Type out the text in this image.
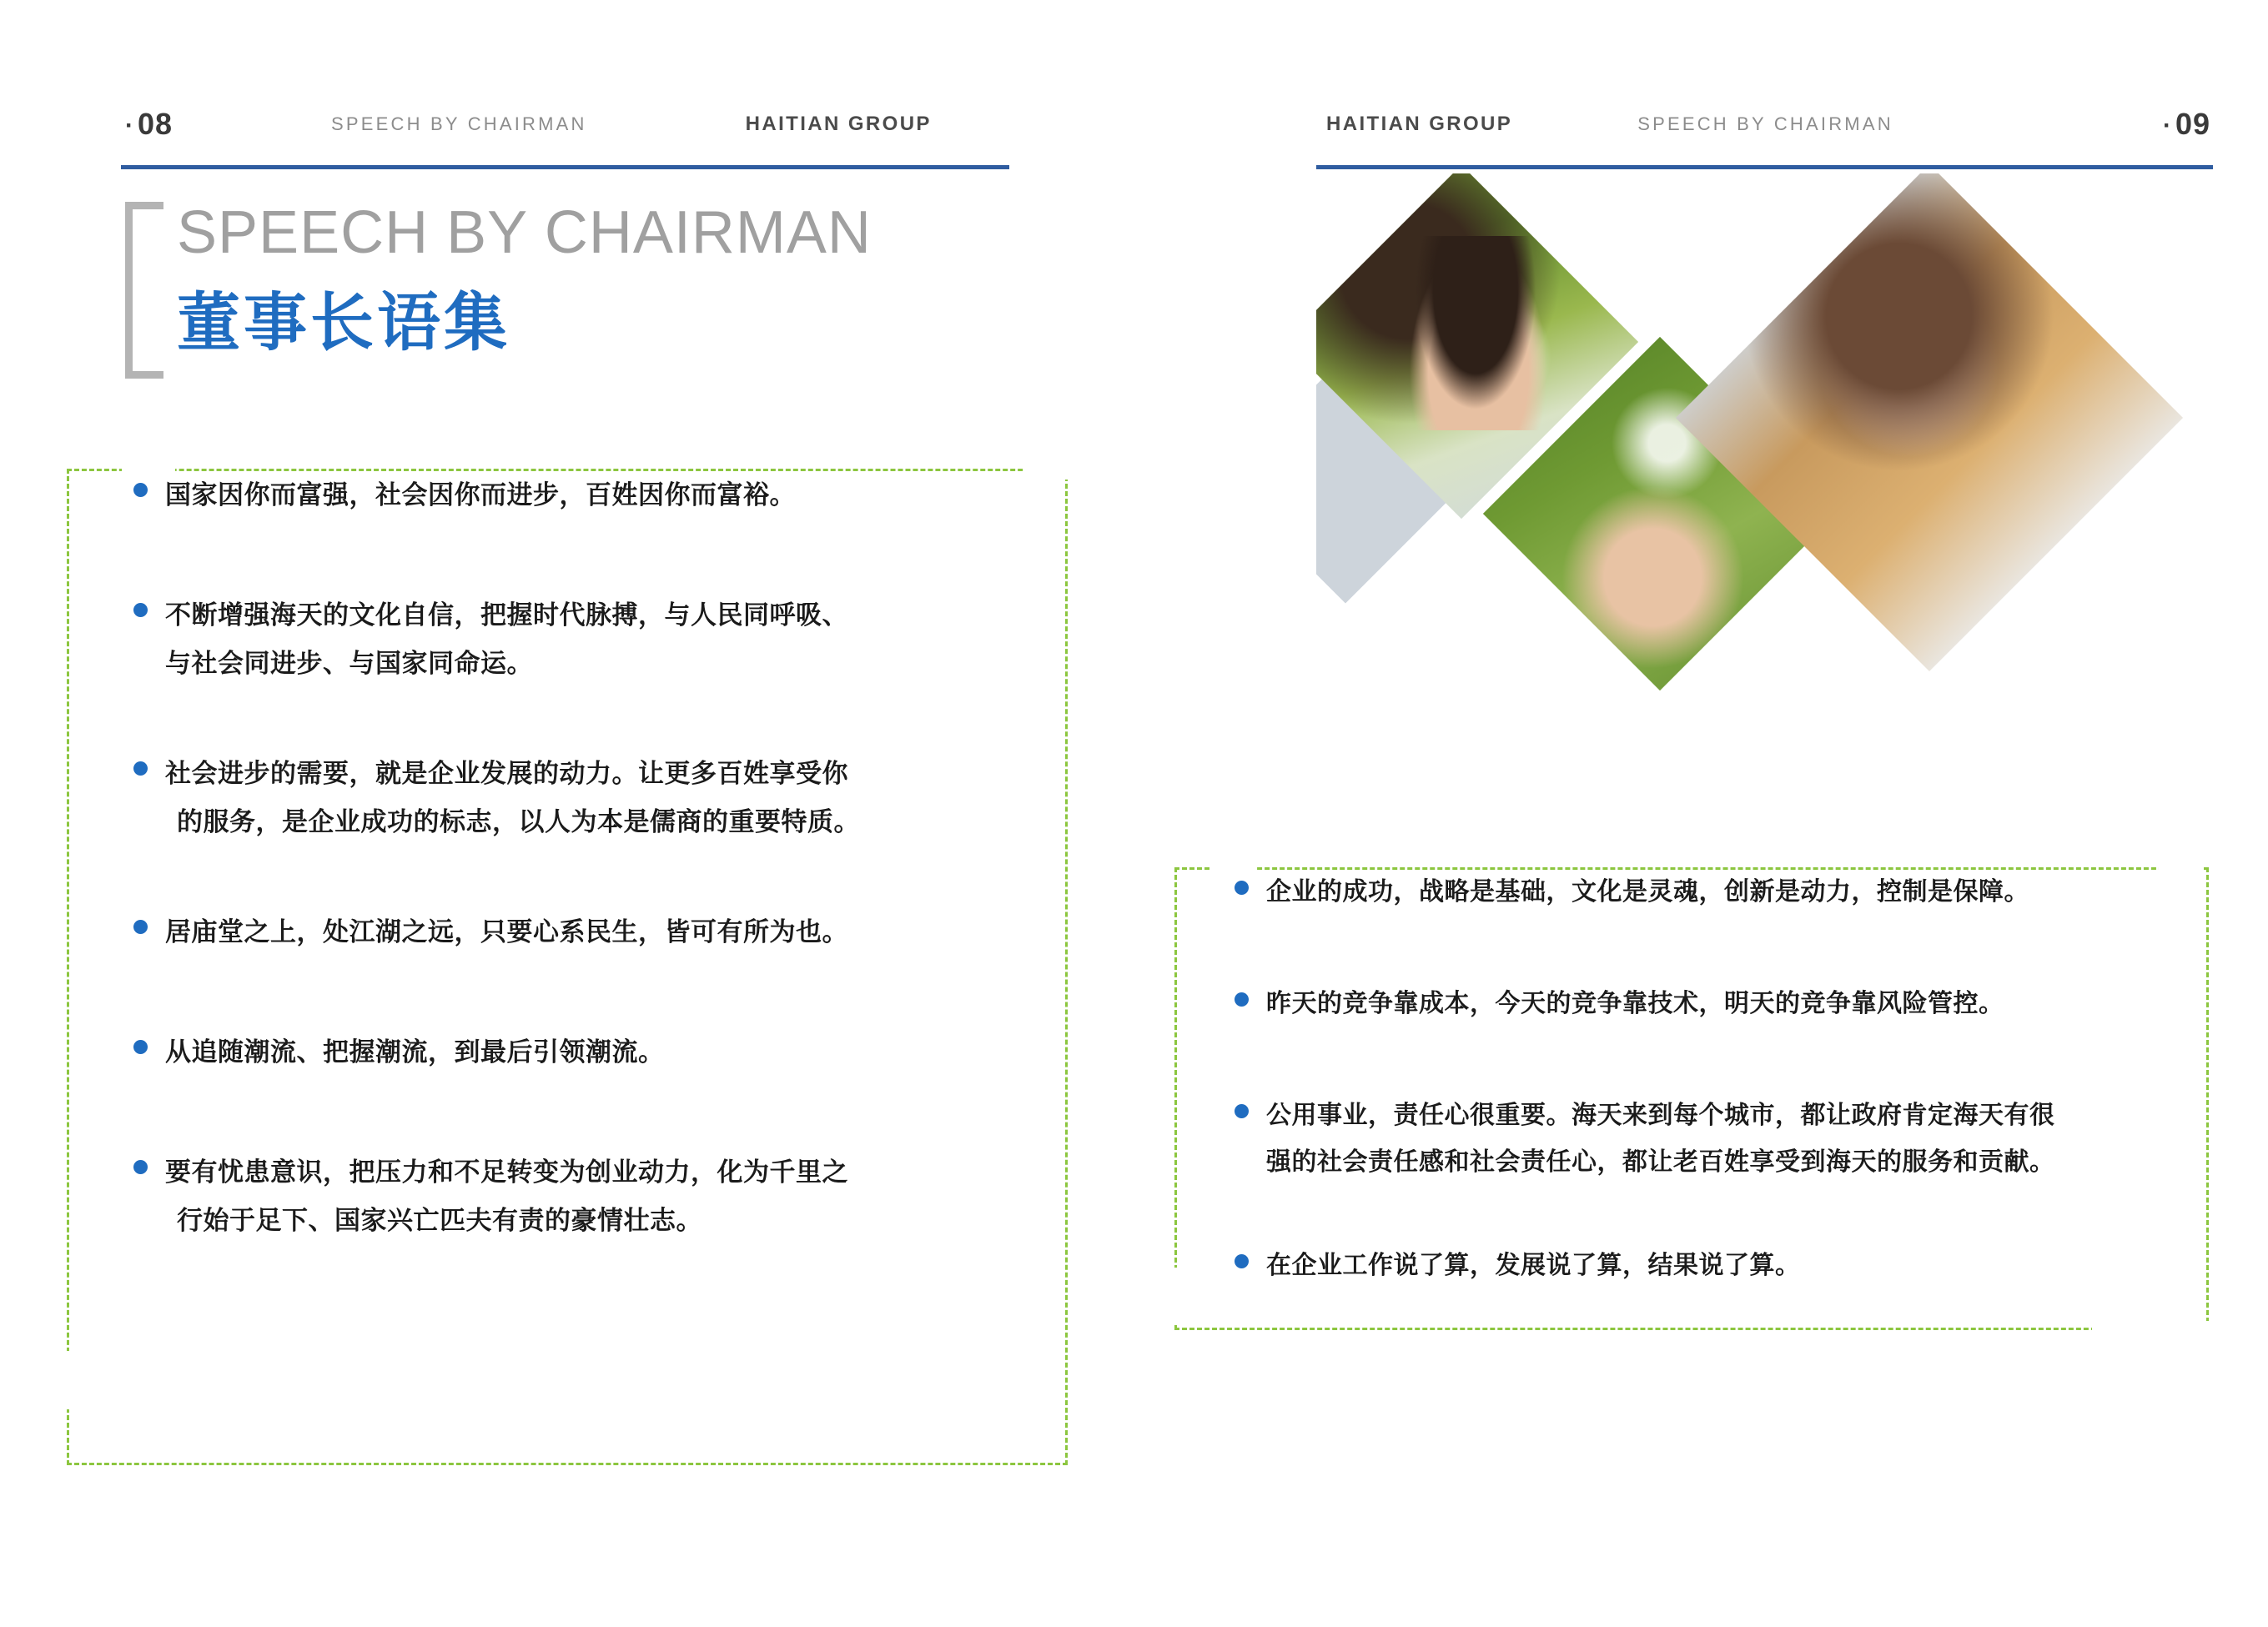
· 08	SPEECH BY CHAIRMAN	HAITIAN GROUP
SPEECH BY CHAIRMAN
董事长语集
国家因你而富强，社会因你而进步，百姓因你而富裕。
不断增强海天的文化自信，把握时代脉搏，与人民同呼吸、
与社会同进步、与国家同命运。
社会进步的需要，就是企业发展的动力。让更多百姓享受你
的服务，是企业成功的标志，以人为本是儒商的重要特质。
居庙堂之上，处江湖之远，只要心系民生，皆可有所为也。
从追随潮流、把握潮流，到最后引领潮流。
要有忧患意识，把压力和不足转变为创业动力，化为千里之
行始于足下、国家兴亡匹夫有责的豪情壮志。
HAITIAN GROUP	SPEECH BY CHAIRMAN	· 09
企业的成功，战略是基础，文化是灵魂，创新是动力，控制是保障。
昨天的竞争靠成本，今天的竞争靠技术，明天的竞争靠风险管控。
公用事业，责任心很重要。海天来到每个城市，都让政府肯定海天有很
强的社会责任感和社会责任心，都让老百姓享受到海天的服务和贡献。
在企业工作说了算，发展说了算，结果说了算。
